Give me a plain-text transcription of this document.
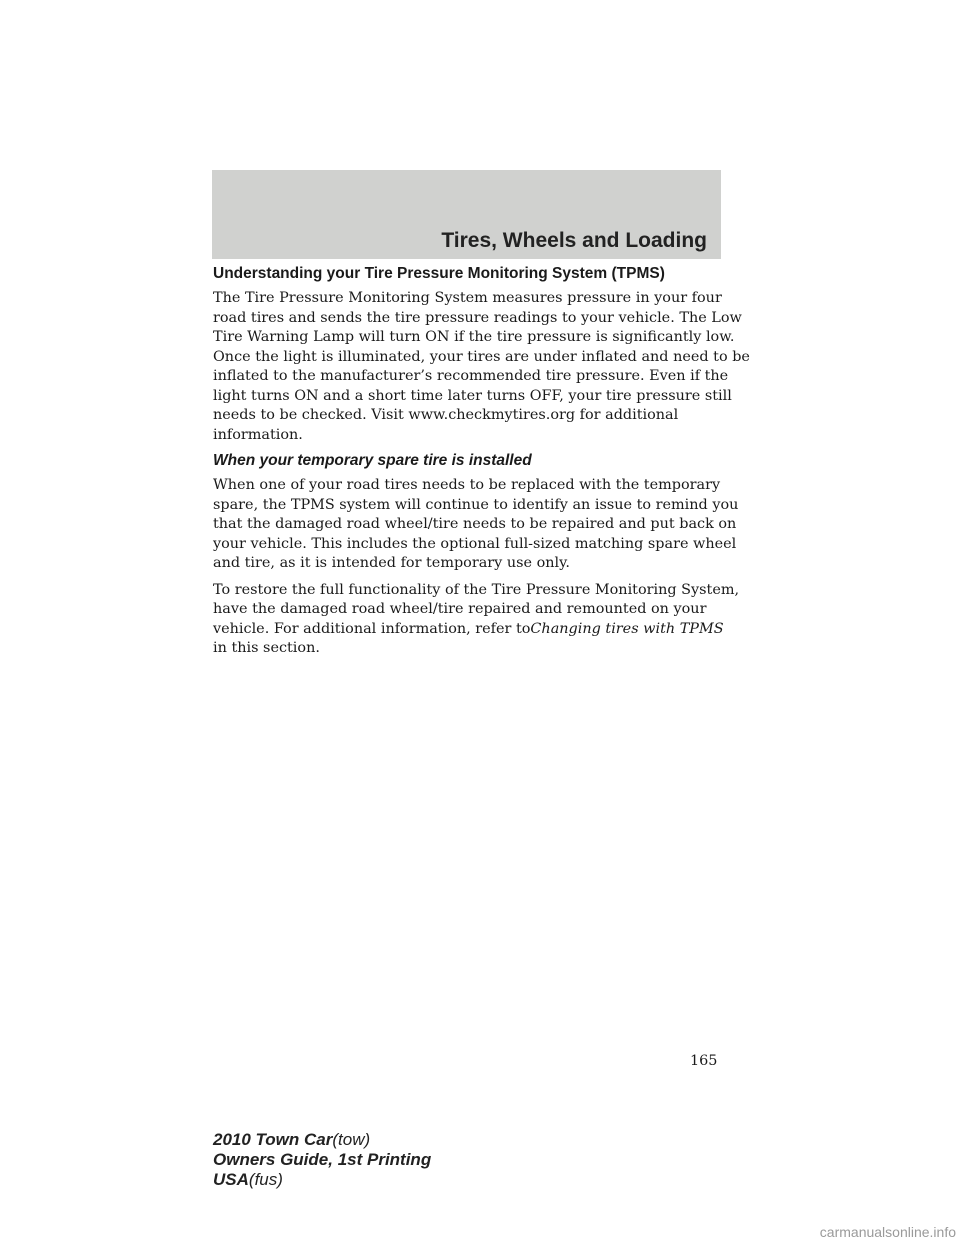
Tires, Wheels and Loading
Understanding your Tire Pressure Monitoring System (TPMS)

The Tire Pressure Monitoring System measures pressure in your four
road tires and sends the tire pressure readings to your vehicle. The Low
Tire Warning Lamp will turn ON if the tire pressure is significantly low.
Once the light is illuminated, your tires are under inflated and need to be
inflated to the manufacturer’s recommended tire pressure. Even if the
light turns ON and a short time later turns OFF, your tire pressure still
needs to be checked. Visit www.checkmytires.org for additional
information.

When your temporary spare tire is installed

When one of your road tires needs to be replaced with the temporary
spare, the TPMS system will continue to identify an issue to remind you
that the damaged road wheel/tire needs to be repaired and put back on
your vehicle. This includes the optional full-sized matching spare wheel
and tire, as it is intended for temporary use only.

To restore the full functionality of the Tire Pressure Monitoring System,
have the damaged road wheel/tire repaired and remounted on your
vehicle. For additional information, refer toChanging tires with TPMS
in this section.

165
2010 Town Car(tow)
Owners Guide, 1st Printing
USA(fus)
carmanualsonline.info
